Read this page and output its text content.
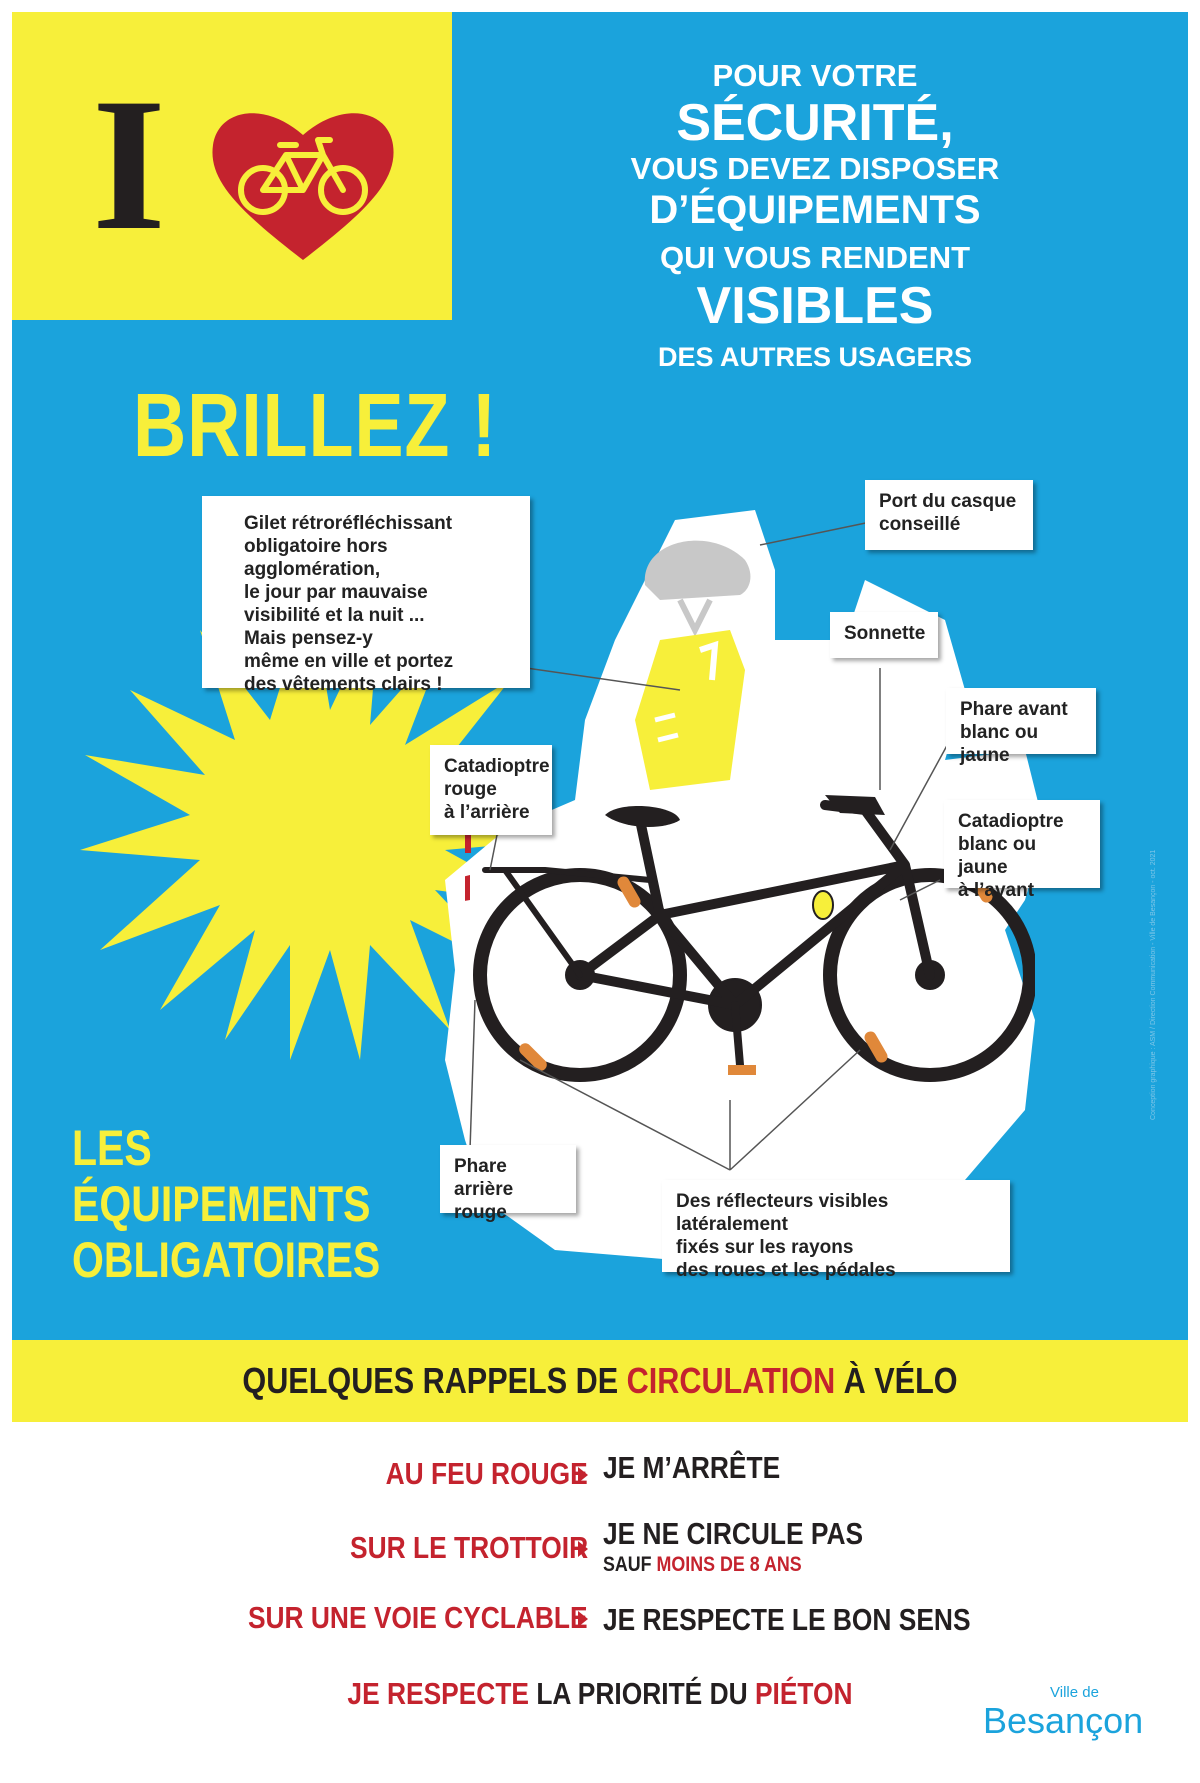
I	POUR VOTRE
SÉCURITÉ,
VOUS DEVEZ DISPOSER
D’ÉQUIPEMENTS
QUI VOUS RENDENT
VISIBLES
DES AUTRES USAGERS
BRILLEZ !
Gilet rétroréfléchissant
obligatoire hors agglomération,
le jour par mauvaise
visibilité et la nuit ...
Mais pensez-y
même en ville et portez
des vêtements clairs !
Port du casque
conseillé
Sonnette
Phare avant
blanc ou jaune
Catadioptre
rouge
à l’arrière	Catadioptre
blanc ou jaune
à l’avant
Phare
arrière rouge
Des réflecteurs visibles latéralement
fixés sur les rayons
des roues et les pédales
LES
ÉQUIPEMENTS
OBLIGATOIRES
Conception graphique : ASM / Direction Communication - Ville de Besançon - oct. 2021
QUELQUES RAPPELS DE CIRCULATION À VÉLO
AU FEU ROUGE JE M’ARRÊTE
SUR LE TROTTOIR JE NE CIRCULE PAS
SAUF MOINS DE 8 ANS
SUR UNE VOIE CYCLABLE JE RESPECTE LE BON SENS
JE RESPECTE LA PRIORITÉ DU PIÉTON	Ville de
Besançon
